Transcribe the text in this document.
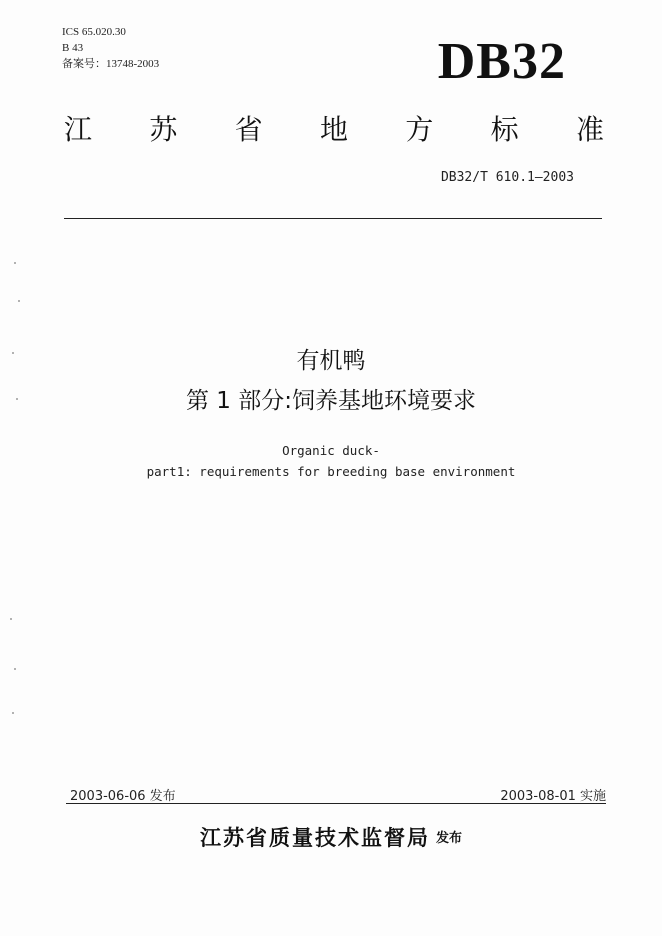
ICS 65.020.30
B 43
备案号：13748-2003	DB32
江 苏 省 地 方 标 准
DB32/T 610.1—2003
有机鸭
第 1 部分:饲养基地环境要求
Organic duck-
part1: requirements for breeding base environment
2003-06-06 发布	2003-08-01 实施
江苏省质量技术监督局 发布
